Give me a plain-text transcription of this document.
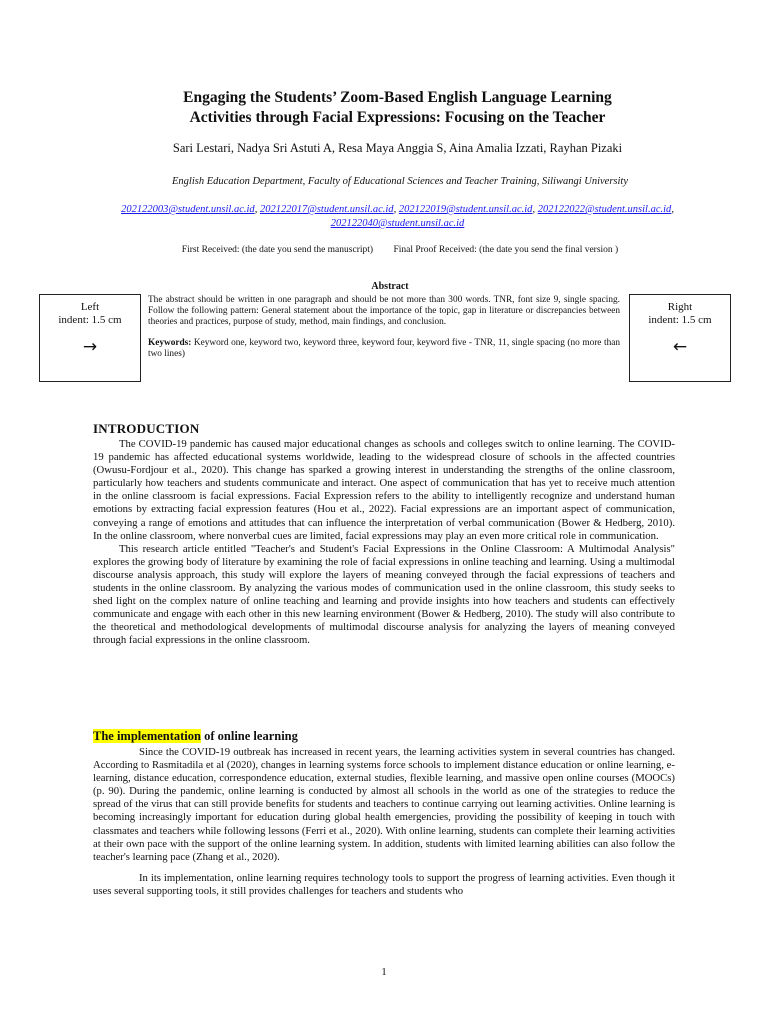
Engaging the Students’ Zoom-Based English Language Learning
Activities through Facial Expressions: Focusing on the Teacher
Sari Lestari, Nadya Sri Astuti A, Resa Maya Anggia S, Aina Amalia Izzati, Rayhan Pizaki
English Education Department, Faculty of Educational Sciences and Teacher Training, Siliwangi University
202122003@student.unsil.ac.id, 202122017@student.unsil.ac.id, 202122019@student.unsil.ac.id, 202122022@student.unsil.ac.id, 202122040@student.unsil.ac.id
First Received: (the date you send the manuscript) Final Proof Received: (the date you send the final version )
Abstract
Left
indent: 1.5 cm
→

The abstract should be written in one paragraph and should be not more than 300 words. TNR, font size 9, single spacing. Follow the following pattern: General statement about the importance of the topic, gap in literature or discrepancies between theories and practices, purpose of study, method, main findings, and conclusion.

Keywords: Keyword one, keyword two, keyword three, keyword four, keyword five - TNR, 11, single spacing (no more than two lines)

Right
indent: 1.5 cm
←
INTRODUCTION

The COVID-19 pandemic has caused major educational changes as schools and colleges switch to online learning. The COVID-19 pandemic has affected educational systems worldwide, leading to the widespread closure of schools in the affected countries (Owusu-Fordjour et al., 2020). This change has sparked a growing interest in understanding the strengths of the online classroom, particularly how teachers and students communicate and interact. One aspect of communication that has yet to receive much attention in the online classroom is facial expressions. Facial Expression refers to the ability to intelligently recognize and understand human emotions by extracting facial expression features (Hou et al., 2022). Facial expressions are an important aspect of communication, conveying a range of emotions and attitudes that can influence the interpretation of verbal communication (Bower & Hedberg, 2010). In the online classroom, where nonverbal cues are limited, facial expressions may play an even more critical role in communication.

This research article entitled "Teacher's and Student's Facial Expressions in the Online Classroom: A Multimodal Analysis" explores the growing body of literature by examining the role of facial expressions in online teaching and learning. Using a multimodal discourse analysis approach, this study will explore the layers of meaning conveyed through the facial expressions of teachers and students in the online classroom. By analyzing the various modes of communication used in the online classroom, this study seeks to shed light on the complex nature of online teaching and learning and provide insights into how teachers and students can effectively communicate and engage with each other in this new learning environment (Bower & Hedberg, 2010). The study will also contribute to the theoretical and methodological developments of multimodal discourse analysis for analyzing the layers of meaning conveyed through facial expressions in the online classroom.

The implementation of online learning

Since the COVID-19 outbreak has increased in recent years, the learning activities system in several countries has changed. According to Rasmitadila et al (2020), changes in learning systems force schools to implement distance education or online learning, e-learning, distance education, correspondence education, external studies, flexible learning, and massive open online courses (MOOCs) (p. 90). During the pandemic, online learning is conducted by almost all schools in the world as one of the strategies to reduce the spread of the virus that can still provide benefits for students and teachers to continue carrying out learning activities. Online learning is becoming increasingly important for education during global health emergencies, providing the possibility of keeping in touch with classmates and teachers while following lessons (Ferri et al., 2020). With online learning, students can complete their learning activities at their own pace with the support of the online learning system. In addition, students with limited learning abilities can also follow the teacher's learning pace (Zhang et al., 2020).

In its implementation, online learning requires technology tools to support the progress of learning activities. Even though it uses several supporting tools, it still provides challenges for teachers and students who

1
